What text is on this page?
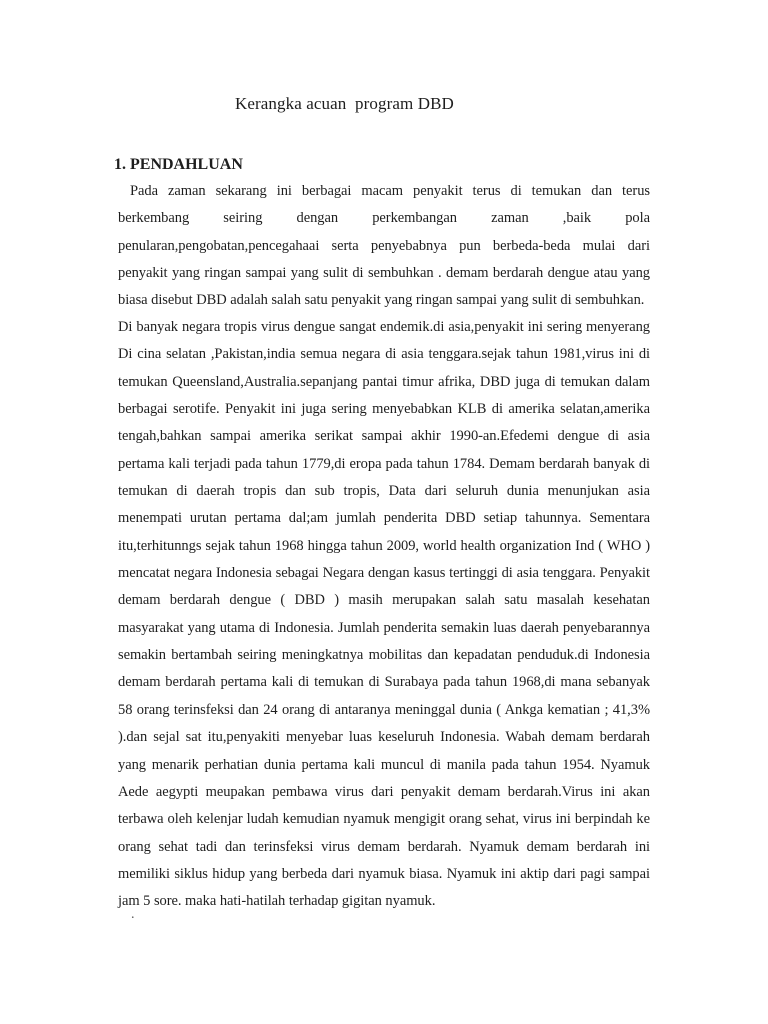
Kerangka acuan  program DBD
1. PENDAHLUAN
Pada zaman sekarang ini berbagai macam penyakit terus di temukan dan terus berkembang seiring dengan perkembangan zaman ,baik pola penularan,pengobatan,pencegahaai serta penyebabnya pun berbeda-beda mulai dari penyakit yang ringan sampai yang sulit di sembuhkan . demam berdarah dengue atau yang biasa disebut DBD adalah salah satu penyakit yang ringan sampai yang sulit di sembuhkan.
Di banyak negara tropis virus dengue sangat endemik.di asia,penyakit ini sering menyerang Di cina selatan ,Pakistan,india semua negara di asia tenggara.sejak tahun 1981,virus ini di temukan Queensland,Australia.sepanjang pantai timur afrika, DBD juga di temukan dalam berbagai serotife. Penyakit ini juga sering menyebabkan KLB di amerika selatan,amerika tengah,bahkan sampai amerika serikat sampai akhir 1990-an.Efedemi dengue di asia pertama kali terjadi pada tahun 1779,di eropa pada tahun 1784. Demam berdarah banyak di temukan di daerah tropis dan sub tropis, Data dari seluruh dunia menunjukan asia menempati urutan pertama dal;am jumlah penderita DBD setiap tahunnya. Sementara itu,terhitunngs sejak tahun 1968 hingga tahun 2009, world health organization Ind ( WHO ) mencatat negara Indonesia sebagai Negara dengan kasus tertinggi di asia tenggara. Penyakit demam berdarah dengue ( DBD ) masih merupakan salah satu masalah kesehatan masyarakat yang utama di Indonesia. Jumlah penderita semakin luas daerah penyebarannya semakin bertambah seiring meningkatnya mobilitas dan kepadatan penduduk.di Indonesia demam berdarah pertama kali di temukan di Surabaya pada tahun 1968,di mana sebanyak 58 orang terinsfeksi dan 24 orang di antaranya meninggal dunia ( Ankga kematian ; 41,3% ).dan sejal sat itu,penyakiti menyebar luas keseluruh Indonesia. Wabah demam berdarah yang menarik perhatian dunia pertama kali muncul di manila pada tahun 1954. Nyamuk Aede aegypti meupakan pembawa virus dari penyakit demam berdarah.Virus ini akan terbawa oleh kelenjar ludah kemudian nyamuk mengigit orang sehat, virus ini berpindah ke orang sehat tadi dan terinsfeksi virus demam berdarah. Nyamuk demam berdarah ini memiliki siklus hidup yang berbeda dari nyamuk biasa. Nyamuk ini aktip dari pagi sampai jam 5 sore. maka hati-hatilah terhadap gigitan nyamuk.
.
